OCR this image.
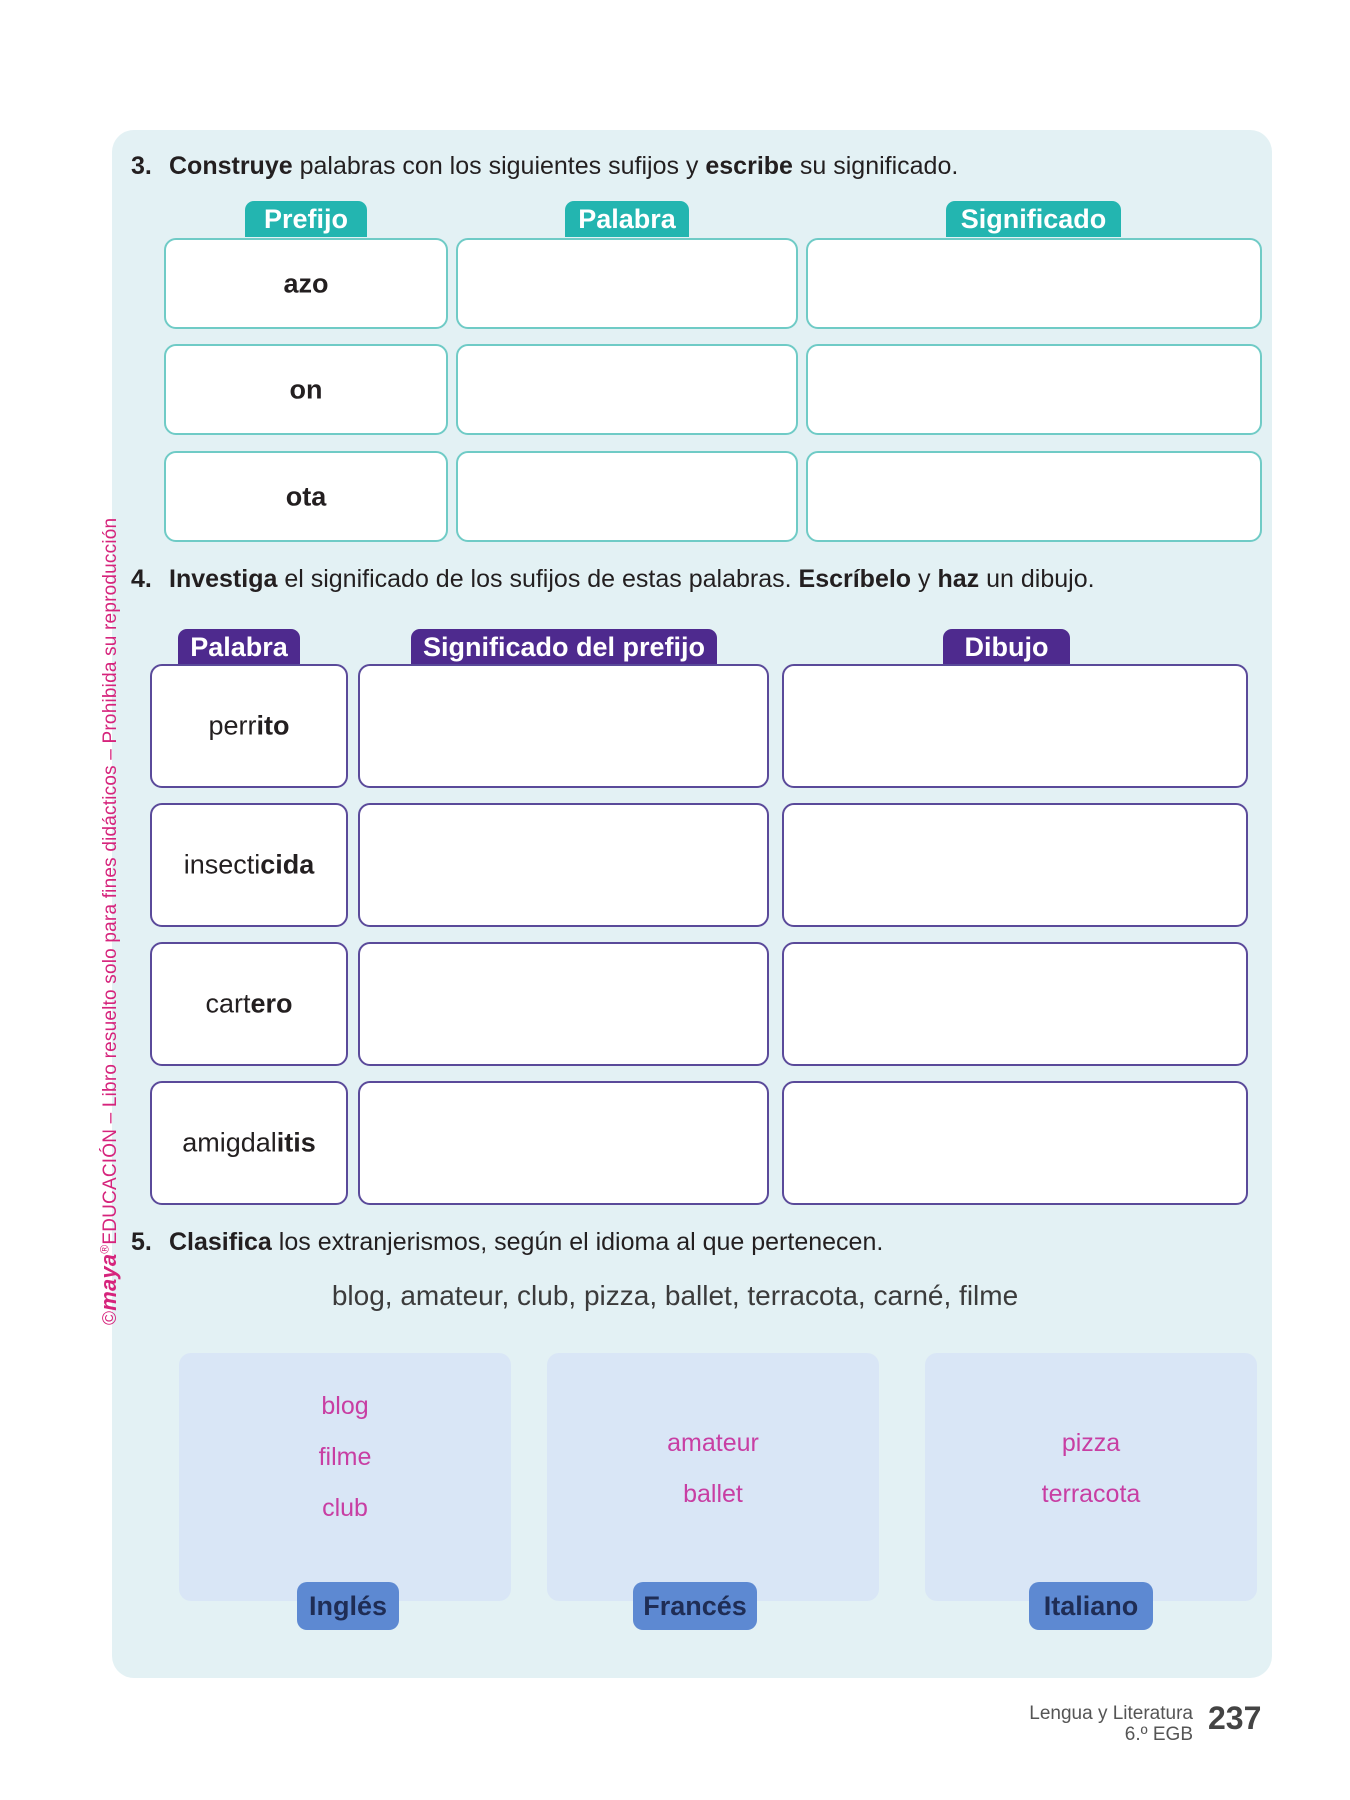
©maya®EDUCACIÓN – Libro resuelto solo para fines didácticos – Prohibida su reproducción
3. Construye palabras con los siguientes sufijos y escribe su significado.
Prefijo	Palabra	Significado
azo
on
ota
4. Investiga el significado de los sufijos de estas palabras. Escríbelo y haz un dibujo.
Palabra	Significado del prefijo	Dibujo
perrito
insecticida
cartero
amigdalitis
5. Clasifica los extranjerismos, según el idioma al que pertenecen.
blog, amateur, club, pizza, ballet, terracota, carné, filme
blog
filme
club
amateur
ballet
pizza
terracota
Inglés	Francés	Italiano
Lengua y Literatura
6.º EGB 237
